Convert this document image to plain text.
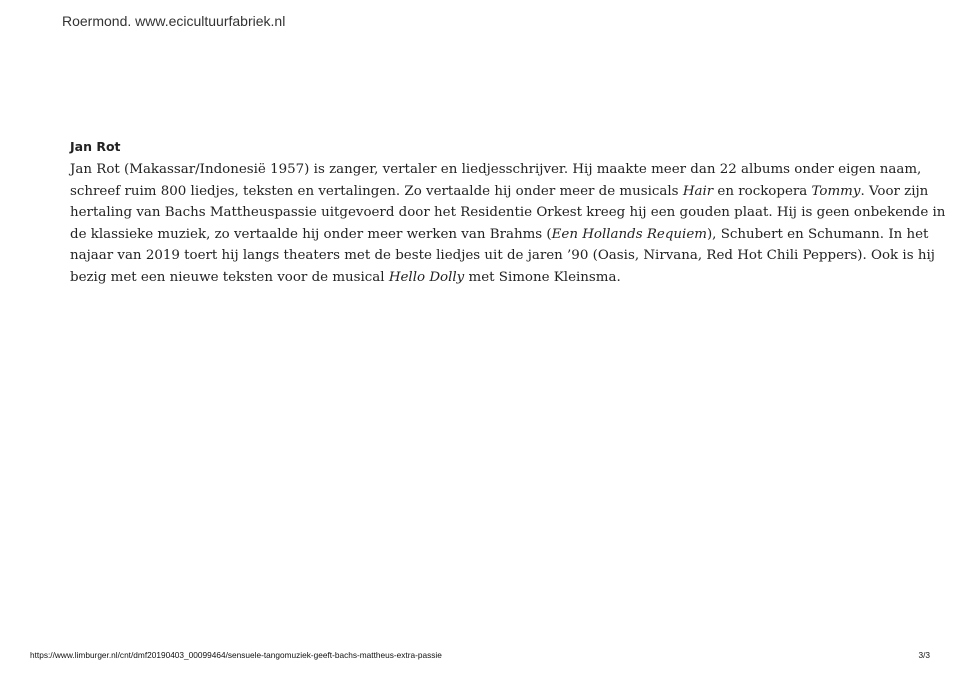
Roermond. www.ecicultuurfabriek.nl
Jan Rot

Jan Rot (Makassar/Indonesië 1957) is zanger, vertaler en liedjesschrijver. Hij maakte meer dan 22 albums onder eigen naam,
schreef ruim 800 liedjes, teksten en vertalingen. Zo vertaalde hij onder meer de musicals Hair en rockopera Tommy. Voor zijn
hertaling van Bachs Mattheuspassie uitgevoerd door het Residentie Orkest kreeg hij een gouden plaat. Hij is geen onbekende in
de klassieke muziek, zo vertaalde hij onder meer werken van Brahms (Een Hollands Requiem), Schubert en Schumann. In het
najaar van 2019 toert hij langs theaters met de beste liedjes uit de jaren ’90 (Oasis, Nirvana, Red Hot Chili Peppers). Ook is hij
bezig met een nieuwe teksten voor de musical Hello Dolly met Simone Kleinsma.

https://www.limburger.nl/cnt/dmf20190403_00099464/sensuele-tangomuziek-geeft-bachs-mattheus-extra-passie	3/3
